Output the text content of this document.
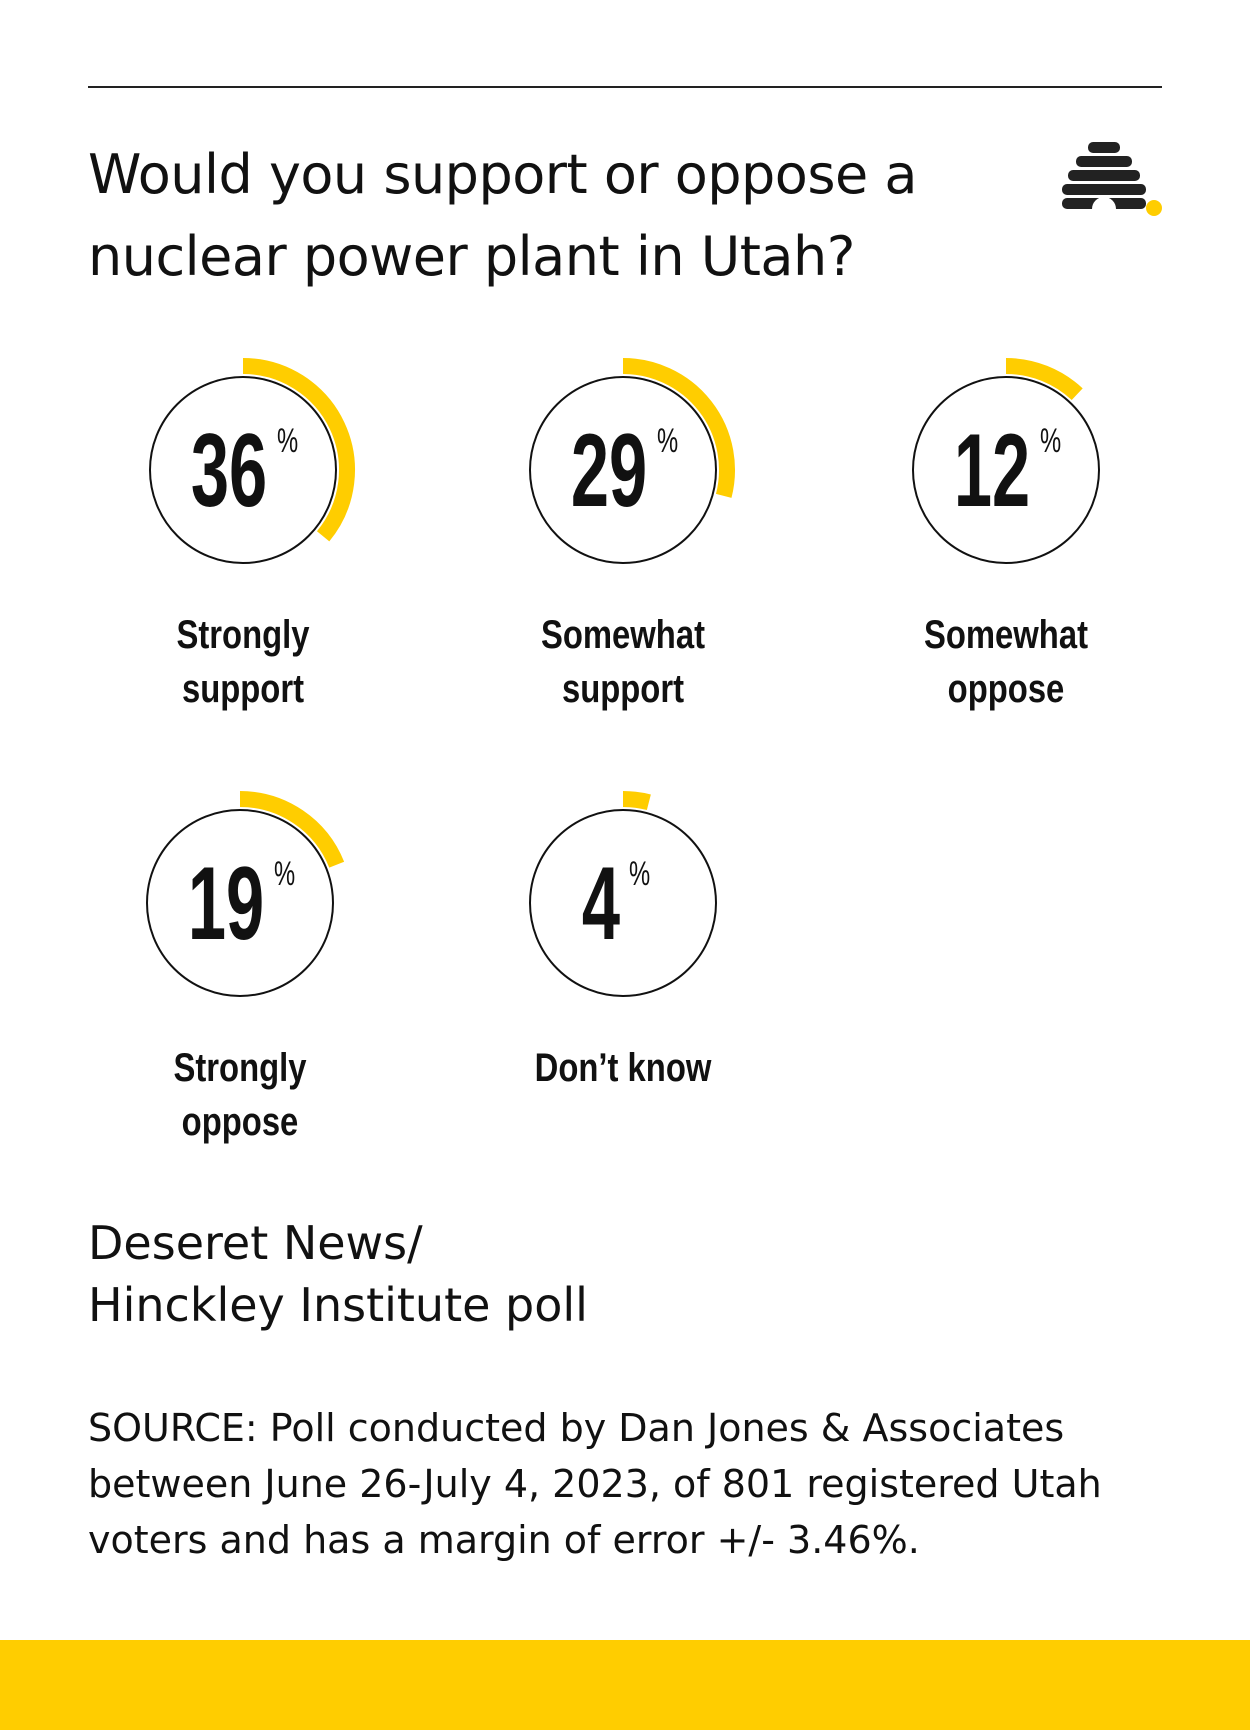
Would you support or oppose a nuclear power plant in Utah?
36 %
Strongly
support
29 %
Somewhat
support
12 %
Somewhat
oppose
19 %
Strongly
oppose
4 %
Don’t know
Deseret News/
Hinckley Institute poll
SOURCE: Poll conducted by Dan Jones & Associates
between June 26-July 4, 2023, of 801 registered Utah
voters and has a margin of error +/- 3.46%.
